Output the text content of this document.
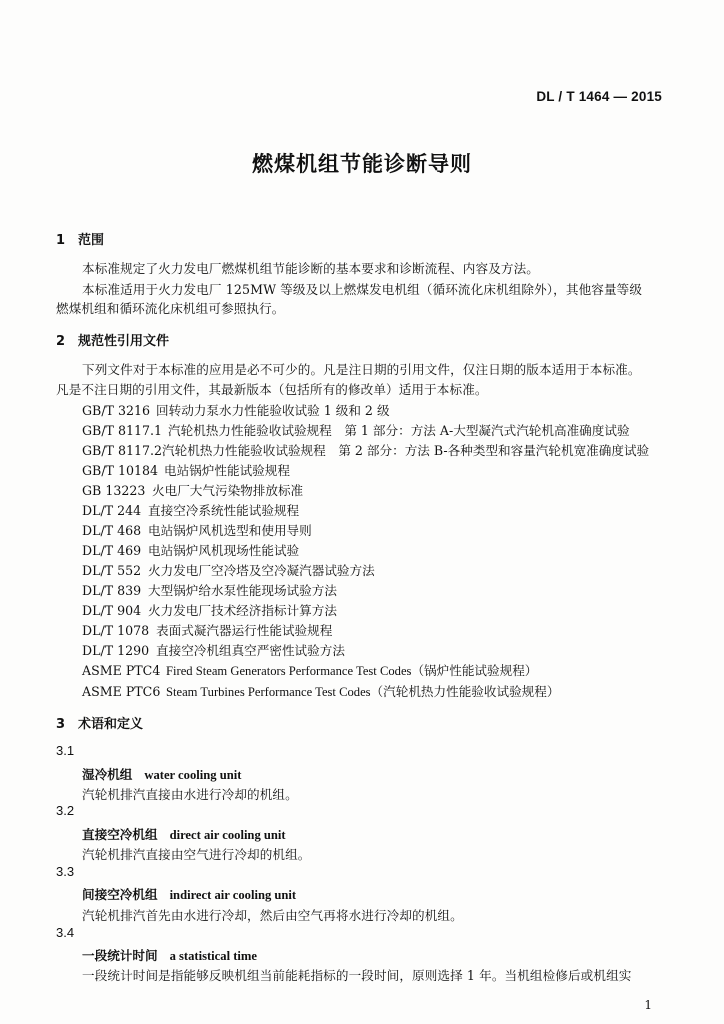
DL / T 1464 — 2015
燃煤机组节能诊断导则
1 范围
本标准规定了火力发电厂燃煤机组节能诊断的基本要求和诊断流程、内容及方法。
本标准适用于火力发电厂 125MW 等级及以上燃煤发电机组（循环流化床机组除外），其他容量等级
燃煤机组和循环流化床机组可参照执行。
2 规范性引用文件
下列文件对于本标准的应用是必不可少的。凡是注日期的引用文件，仅注日期的版本适用于本标准。
凡是不注日期的引用文件，其最新版本（包括所有的修改单）适用于本标准。
GB/T 3216 回转动力泵水力性能验收试验 1 级和 2 级
GB/T 8117.1 汽轮机热力性能验收试验规程　第 1 部分：方法 A-大型凝汽式汽轮机高准确度试验
GB/T 8117.2汽轮机热力性能验收试验规程　第 2 部分：方法 B-各种类型和容量汽轮机宽准确度试验
GB/T 10184 电站锅炉性能试验规程
GB 13223 火电厂大气污染物排放标准
DL/T 244 直接空冷系统性能试验规程
DL/T 468 电站锅炉风机选型和使用导则
DL/T 469 电站锅炉风机现场性能试验
DL/T 552 火力发电厂空冷塔及空冷凝汽器试验方法
DL/T 839 大型锅炉给水泵性能现场试验方法
DL/T 904 火力发电厂技术经济指标计算方法
DL/T 1078 表面式凝汽器运行性能试验规程
DL/T 1290 直接空冷机组真空严密性试验方法
ASME PTC4 Fired Steam Generators Performance Test Codes（锅炉性能试验规程）
ASME PTC6 Steam Turbines Performance Test Codes（汽轮机热力性能验收试验规程）
3 术语和定义
3.1
湿冷机组 water cooling unit
汽轮机排汽直接由水进行冷却的机组。
3.2
直接空冷机组 direct air cooling unit
汽轮机排汽直接由空气进行冷却的机组。
3.3
间接空冷机组 indirect air cooling unit
汽轮机排汽首先由水进行冷却，然后由空气再将水进行冷却的机组。
3.4
一段统计时间 a statistical time
一段统计时间是指能够反映机组当前能耗指标的一段时间，原则选择 1 年。当机组检修后或机组实
1
